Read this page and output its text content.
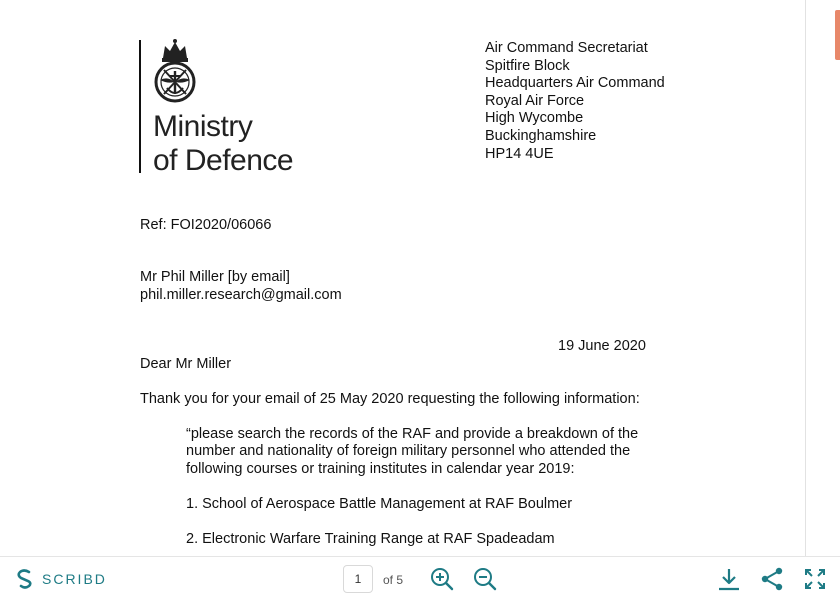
Ministry
of Defence
Air Command Secretariat
Spitfire Block
Headquarters Air Command
Royal Air Force
High Wycombe
Buckinghamshire
HP14 4UE
Ref: FOI2020/06066
Mr Phil Miller [by email]
phil.miller.research@gmail.com
19 June 2020
Dear Mr Miller
Thank you for your email of 25 May 2020 requesting the following information:
“please search the records of the RAF and provide a breakdown of the
number and nationality of foreign military personnel who attended the
following courses or training institutes in calendar year 2019:
1. School of Aerospace Battle Management at RAF Boulmer
2. Electronic Warfare Training Range at RAF Spadeadam
SCRIBD	1	of 5
